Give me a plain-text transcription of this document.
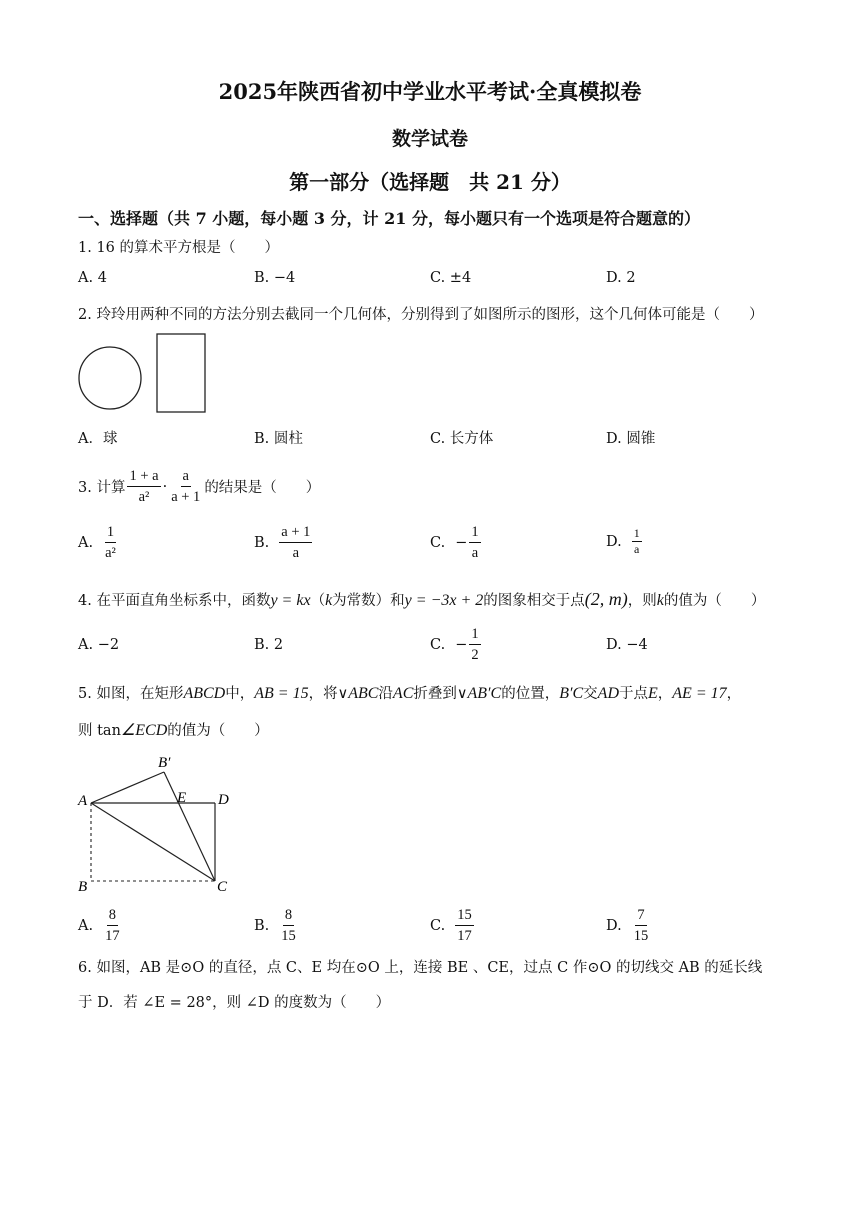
2025年陕西省初中学业水平考试·全真模拟卷
数学试卷
第一部分（选择题　共 21 分）
一、选择题（共 7 小题，每小题 3 分，计 21 分，每小题只有一个选项是符合题意的）
1. 16 的算术平方根是（　　）
A. 4	B. −4	C. ±4	D. 2
2. 玲玲用两种不同的方法分别去截同一个几何体，分别得到了如图所示的图形，这个几何体可能是（　　）
A．球	B. 圆柱	C. 长方体	D. 圆锥
3. 计算 $\frac{1 + a}{\text{a²}} \cdot \frac{a}{a + 1}$ 的结果是（　　）
A. $\frac{1}{\text{a²}}$	B. $\frac{a + 1}{a}$	C. − $\frac{1}{a}$	D. $\frac{1}{a}$
4. 在平面直角坐标系中，函数y = kx（k为常数）和y = −3x + 2的图象相交于点(2, m)，则k的值为（　　）
A. −2	B. 2	C. − $\frac{1}{2}$	D. −4
5. 如图，在矩形ABCD中，AB = 15，将∨ABC沿AC折叠到∨AB′C的位置，B′C交AD于点E，AE = 17，
则 tan∠ECD的值为（　　）
A
B	C
D
E
B′
A. $\frac{8}{17}$	B. $\frac{8}{15}$	C. $\frac{15}{17}$	D. $\frac{7}{15}$
6. 如图，AB 是⊙O 的直径，点 C、E 均在⊙O 上，连接 BE 、CE，过点 C 作⊙O 的切线交 AB 的延长线
于 D．若 ∠E = 28°，则 ∠D 的度数为（　　）
